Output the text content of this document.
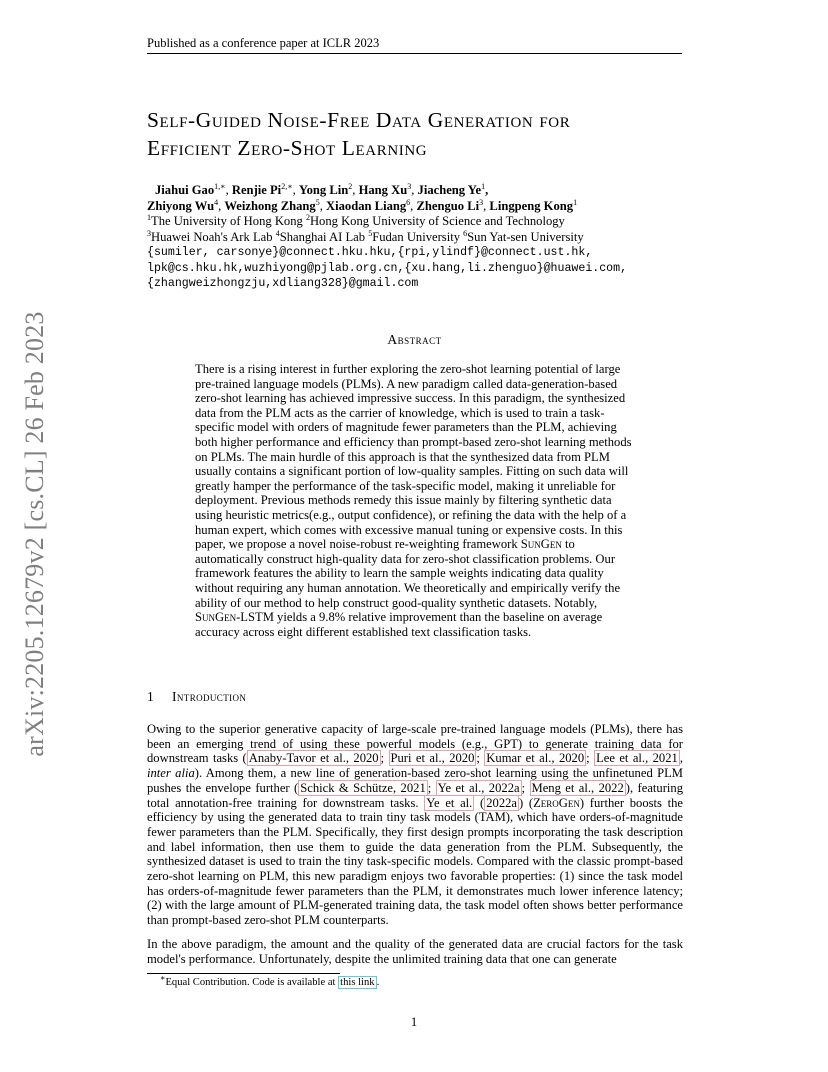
Published as a conference paper at ICLR 2023
arXiv:2205.12679v2 [cs.CL] 26 Feb 2023
Self-Guided Noise-Free Data Generation for
Efficient Zero-Shot Learning
Jiahui Gao$^{1,∗}$, Renjie $Pi^{2,∗}$, Yong Lin$^2$, Hang Xu$^3$, Jiacheng Ye$^1$,
Zhiyong Wu$^4$, Weizhong Zhang$^5$, Xiaodan Liang$^6$, Zhenguo Li$^3$, Lingpeng Kong$^1$
$^1$The University of Hong Kong $^2$Hong Kong University of Science and Technology
$^3$Huawei Noah's Ark Lab $^4$Shanghai AI Lab $^5$Fudan University $^6$Sun Yat-sen University
{sumiler, carsonye}@connect.hku.hku,{rpi,ylindf}@connect.ust.hk,
lpk@cs.hku.hk,wuzhiyong@pjlab.org.cn,{xu.hang,li.zhenguo}@huawei.com,
{zhangweizhongzju,xdliang328}@gmail.com
Abstract
There is a rising interest in further exploring the zero-shot learning potential of large pre-trained language models (PLMs). A new paradigm called data-generation-based zero-shot learning has achieved impressive success. In this paradigm, the synthesized data from the PLM acts as the carrier of knowledge, which is used to train a task-specific model with orders of magnitude fewer parameters than the PLM, achieving both higher performance and efficiency than prompt-based zero-shot learning methods on PLMs. The main hurdle of this approach is that the synthesized data from PLM usually contains a significant portion of low-quality samples. Fitting on such data will greatly hamper the performance of the task-specific model, making it unreliable for deployment. Previous methods remedy this issue mainly by filtering synthetic data using heuristic metrics(e.g., output confidence), or refining the data with the help of a human expert, which comes with excessive manual tuning or expensive costs. In this paper, we propose a novel noise-robust re-weighting framework SunGen to automatically construct high-quality data for zero-shot classification problems. Our framework features the ability to learn the sample weights indicating data quality without requiring any human annotation. We theoretically and empirically verify the ability of our method to help construct good-quality synthetic datasets. Notably, SunGen-LSTM yields a 9.8% relative improvement than the baseline on average accuracy across eight different established text classification tasks.
1 Introduction
Owing to the superior generative capacity of large-scale pre-trained language models (PLMs), there has been an emerging trend of using these powerful models (e.g., GPT) to generate training data for downstream tasks ( Anaby-Tavor et al., 2020 ; Puri et al., 2020 ; Kumar et al., 2020 ; Lee et al., 2021 , inter alia). Among them, a new line of generation-based zero-shot learning using the unfinetuned PLM pushes the envelope further ( Schick & Schütze, 2021 ; Ye et al., 2022a ; Meng et al., 2022 ), featuring total annotation-free training for downstream tasks. Ye et al. ( 2022a ) (ZeroGen) further boosts the efficiency by using the generated data to train tiny task models (TAM), which have orders-of-magnitude fewer parameters than the PLM. Specifically, they first design prompts incorporating the task description and label information, then use them to guide the data generation from the PLM. Subsequently, the synthesized dataset is used to train the tiny task-specific models. Compared with the classic prompt-based zero-shot learning on PLM, this new paradigm enjoys two favorable properties: (1) since the task model has orders-of-magnitude fewer parameters than the PLM, it demonstrates much lower inference latency; (2) with the large amount of PLM-generated training data, the task model often shows better performance than prompt-based zero-shot PLM counterparts.
In the above paradigm, the amount and the quality of the generated data are crucial factors for the task model's performance. Unfortunately, despite the unlimited training data that one can generate
∗Equal Contribution. Code is available at this link .
1
